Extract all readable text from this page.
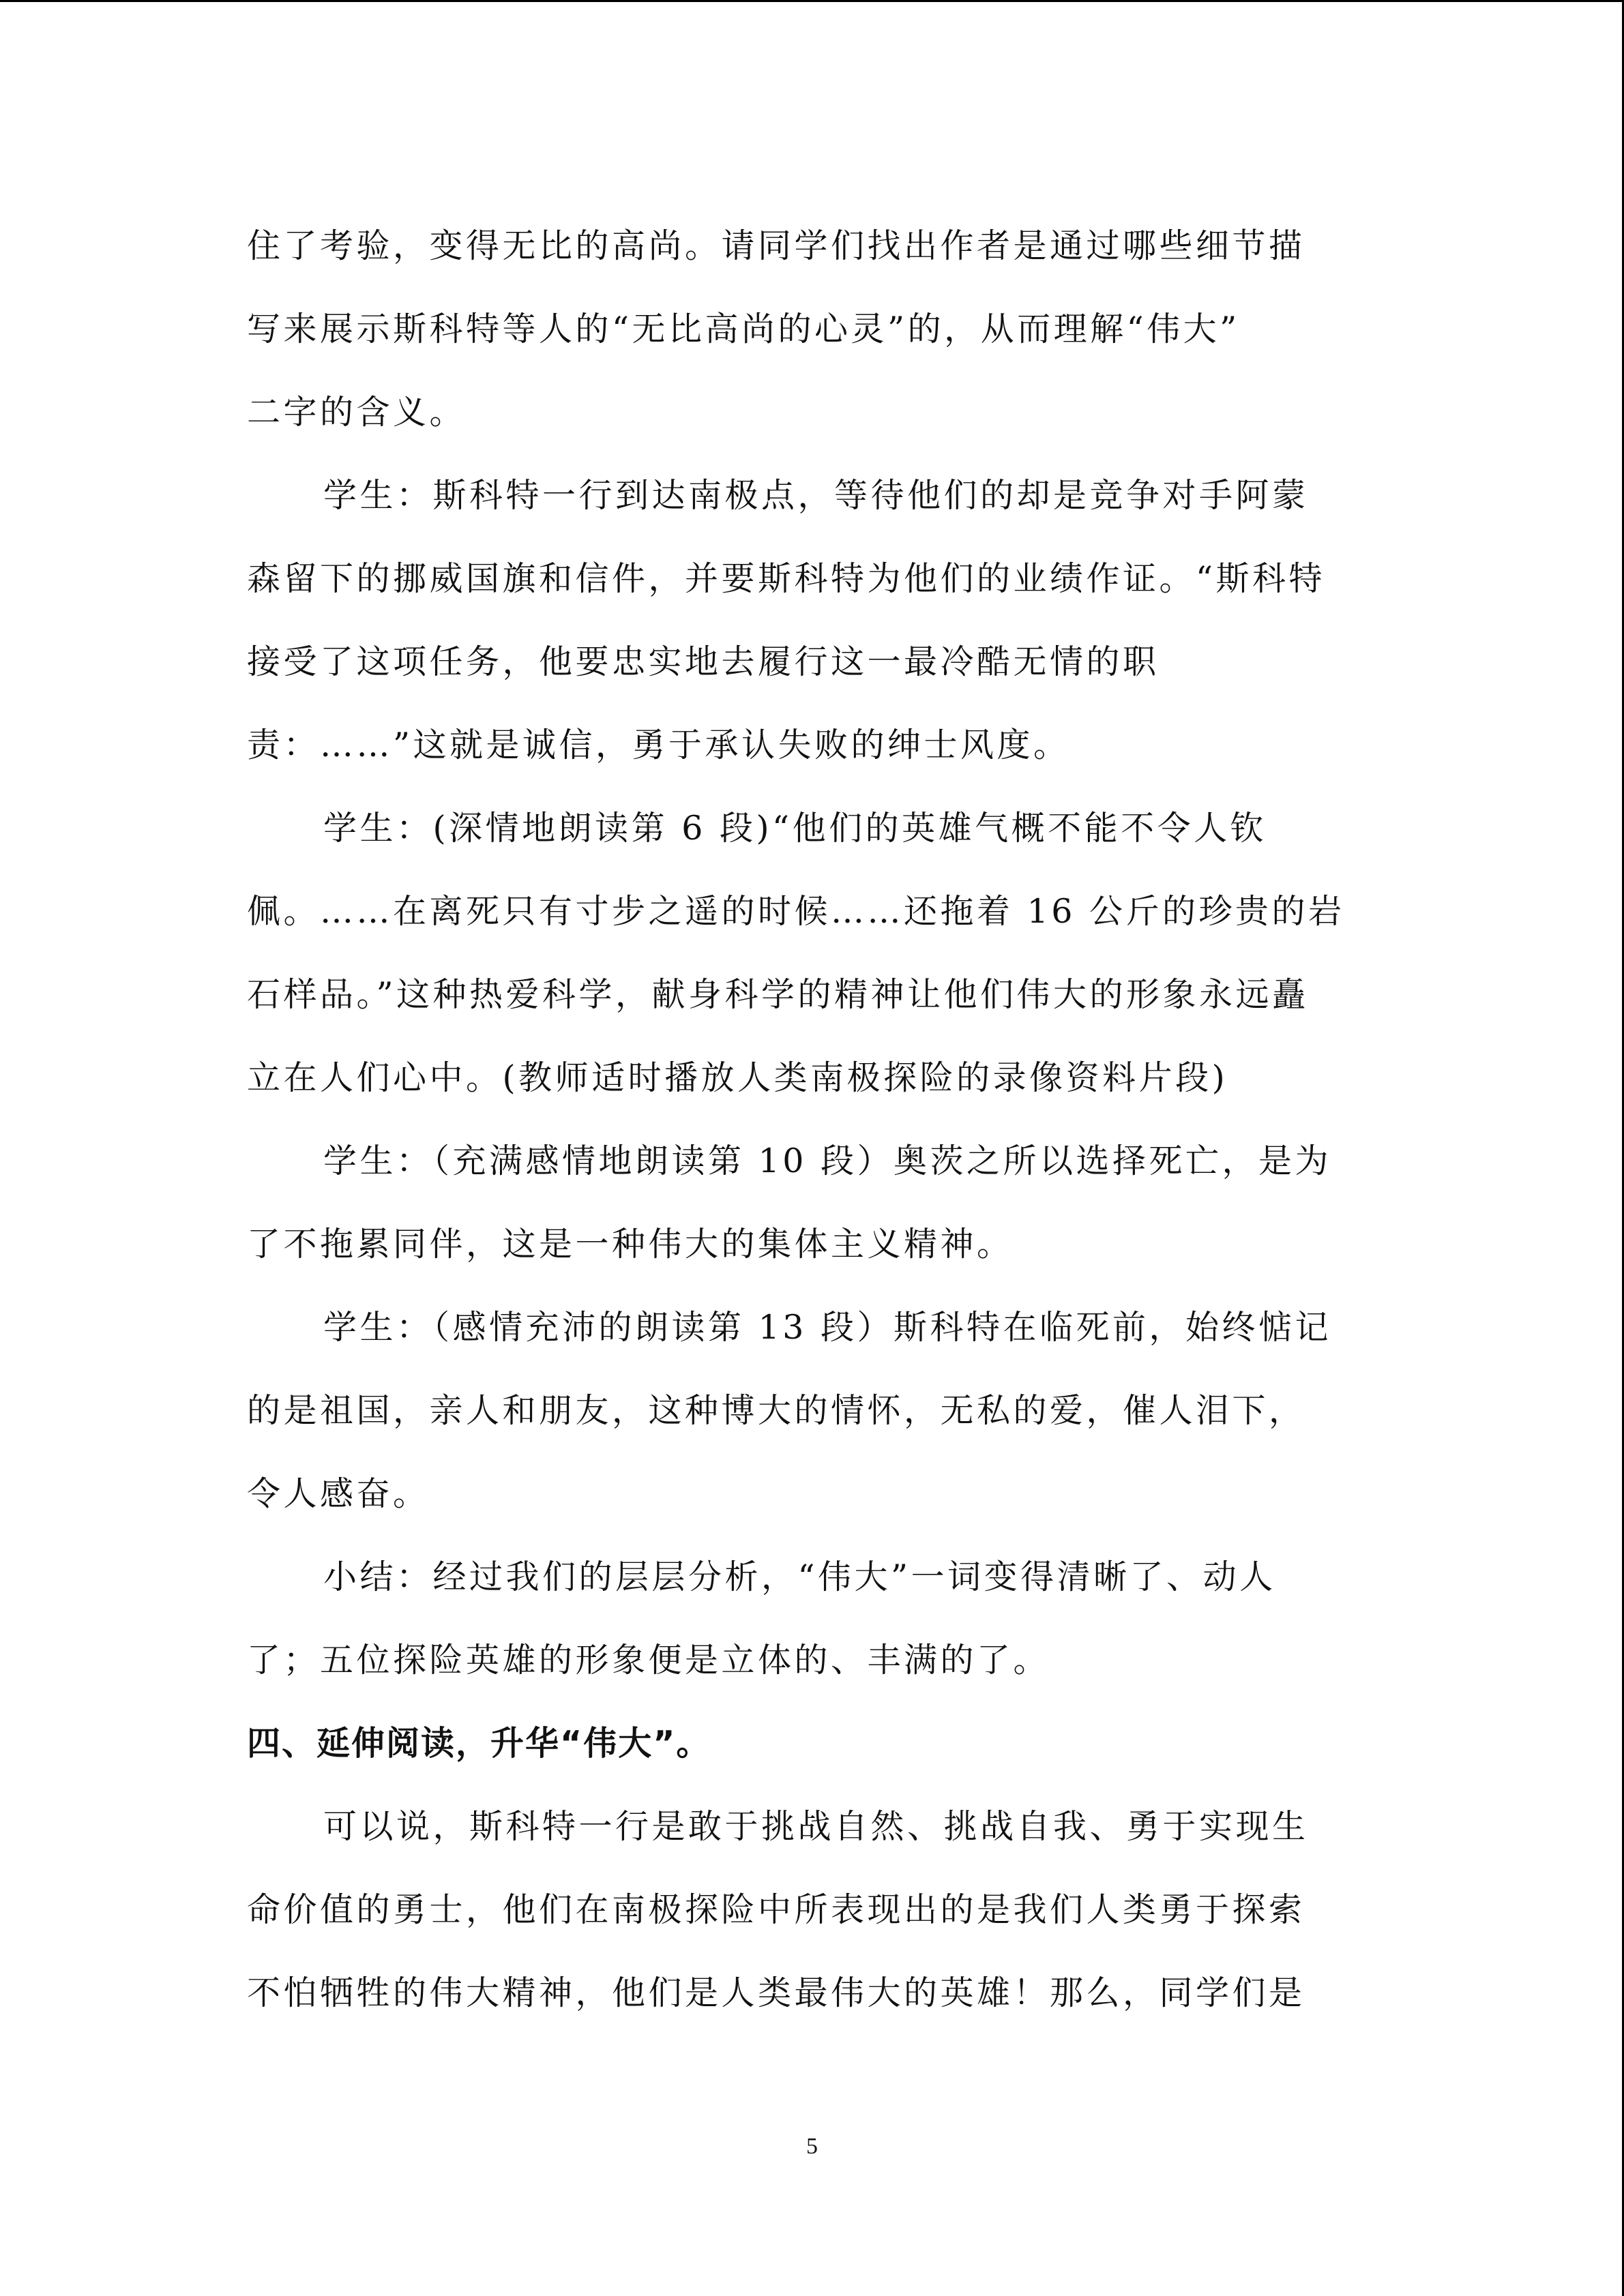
住了考验，变得无比的高尚。请同学们找出作者是通过哪些细节描
写来展示斯科特等人的“无比高尚的心灵”的，从而理解“伟大”
二字的含义。
学生：斯科特一行到达南极点，等待他们的却是竞争对手阿蒙
森留下的挪威国旗和信件，并要斯科特为他们的业绩作证。“斯科特
接受了这项任务，他要忠实地去履行这一最冷酷无情的职
责：……”这就是诚信，勇于承认失败的绅士风度。
学生：(深情地朗读第 6 段)“他们的英雄气概不能不令人钦
佩。……在离死只有寸步之遥的时候……还拖着 16 公斤的珍贵的岩
石样品。”这种热爱科学，献身科学的精神让他们伟大的形象永远矗
立在人们心中。(教师适时播放人类南极探险的录像资料片段)
学生：（充满感情地朗读第 10 段）奥茨之所以选择死亡，是为
了不拖累同伴，这是一种伟大的集体主义精神。
学生：（感情充沛的朗读第 13 段）斯科特在临死前，始终惦记
的是祖国，亲人和朋友，这种博大的情怀，无私的爱，催人泪下，
令人感奋。
小结：经过我们的层层分析，“伟大”一词变得清晰了、动人
了；五位探险英雄的形象便是立体的、丰满的了。
四、延伸阅读，升华“伟大”。
可以说，斯科特一行是敢于挑战自然、挑战自我、勇于实现生
命价值的勇士，他们在南极探险中所表现出的是我们人类勇于探索
不怕牺牲的伟大精神，他们是人类最伟大的英雄！那么，同学们是
5
